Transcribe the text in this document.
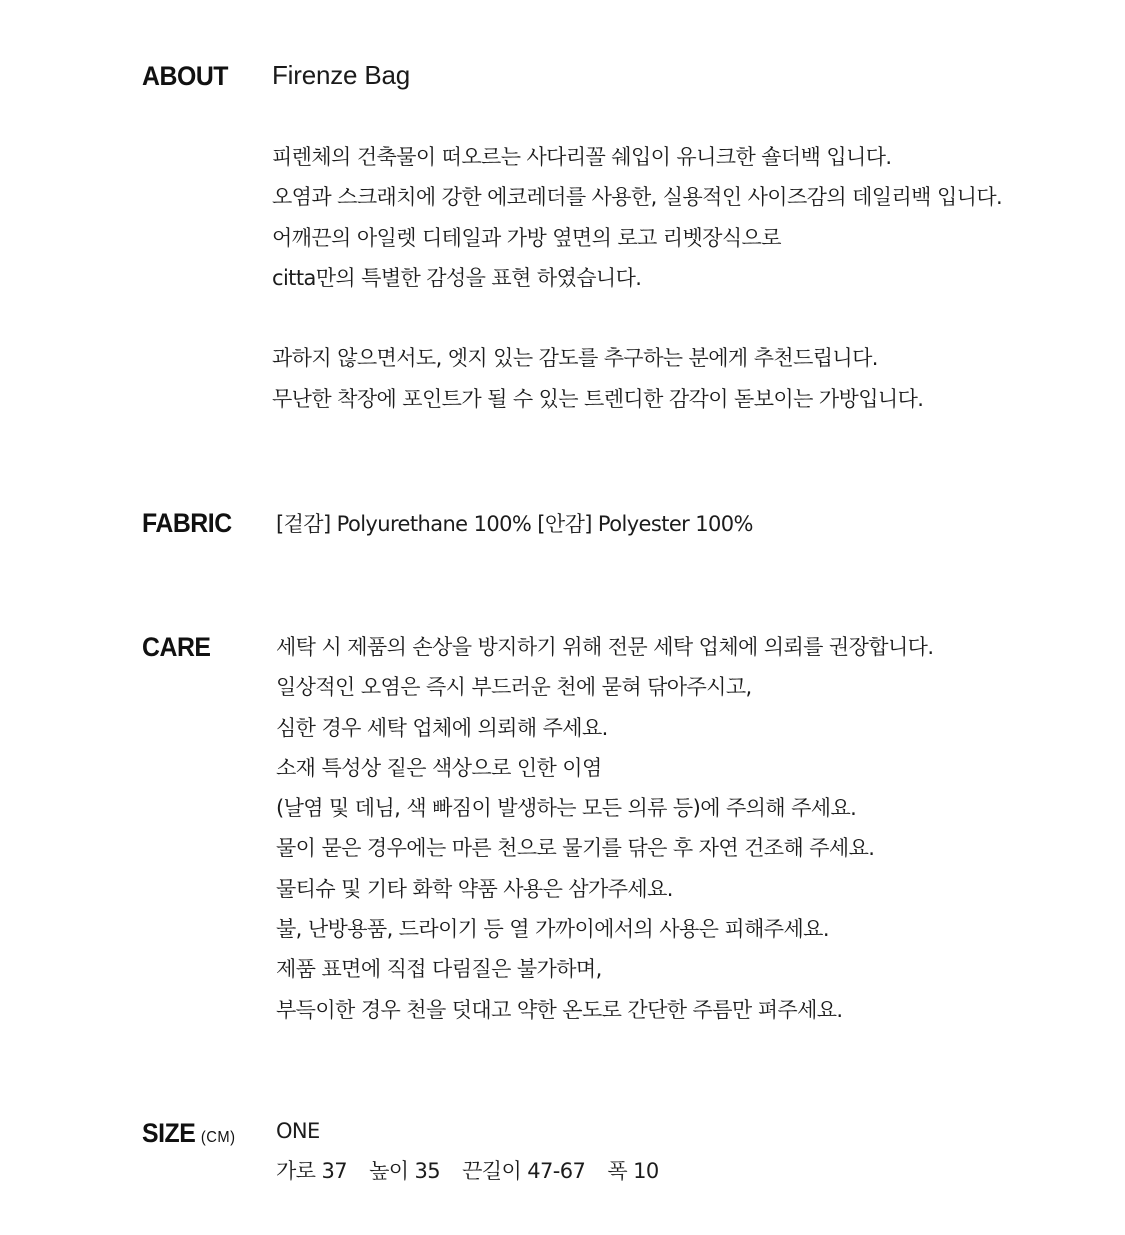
ABOUT Firenze Bag
피렌체의 건축물이 떠오르는 사다리꼴 쉐입이 유니크한 숄더백 입니다.
오염과 스크래치에 강한 에코레더를 사용한, 실용적인 사이즈감의 데일리백 입니다.
어깨끈의 아일렛 디테일과 가방 옆면의 로고 리벳장식으로
citta만의 특별한 감성을 표현 하였습니다.
과하지 않으면서도, 엣지 있는 감도를 추구하는 분에게 추천드립니다.
무난한 착장에 포인트가 될 수 있는 트렌디한 감각이 돋보이는 가방입니다.
FABRIC [겉감] Polyurethane 100% [안감] Polyester 100%
CARE	세탁 시 제품의 손상을 방지하기 위해 전문 세탁 업체에 의뢰를 권장합니다.
일상적인 오염은 즉시 부드러운 천에 묻혀 닦아주시고,
심한 경우 세탁 업체에 의뢰해 주세요.
소재 특성상 짙은 색상으로 인한 이염
(날염 및 데님, 색 빠짐이 발생하는 모든 의류 등)에 주의해 주세요.
물이 묻은 경우에는 마른 천으로 물기를 닦은 후 자연 건조해 주세요.
물티슈 및 기타 화학 약품 사용은 삼가주세요.
불, 난방용품, 드라이기 등 열 가까이에서의 사용은 피해주세요.
제품 표면에 직접 다림질은 불가하며,
부득이한 경우 천을 덧대고 약한 온도로 간단한 주름만 펴주세요.
SIZE (CM) ONE
가로 37 높이 35 끈길이 47-67 폭 10
